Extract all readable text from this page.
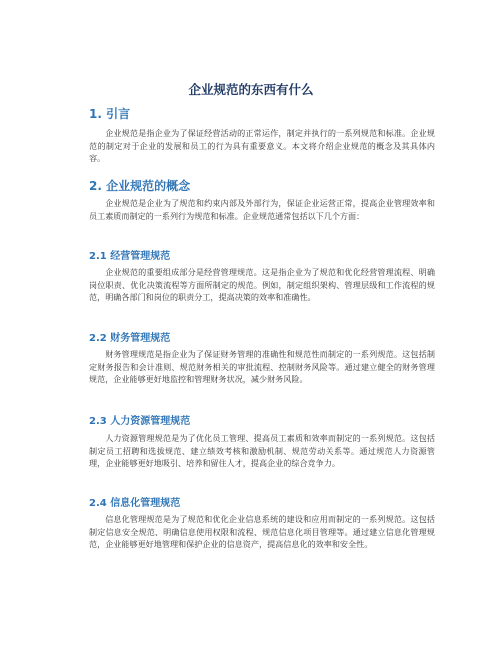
企业规范的东西有什么
1. 引言

企业规范是指企业为了保证经营活动的正常运作，制定并执行的一系列规范和标准。企业规范的制定对于企业的发展和员工的行为具有重要意义。本文将介绍企业规范的概念及其具体内容。

2. 企业规范的概念

企业规范是企业为了规范和约束内部及外部行为，保证企业运营正常，提高企业管理效率和员工素质而制定的一系列行为规范和标准。企业规范通常包括以下几个方面：

2.1 经营管理规范

企业规范的重要组成部分是经营管理规范。这是指企业为了规范和优化经营管理流程、明确岗位职责、优化决策流程等方面所制定的规范。例如，制定组织架构、管理层级和工作流程的规范，明确各部门和岗位的职责分工，提高决策的效率和准确性。

2.2 财务管理规范

财务管理规范是指企业为了保证财务管理的准确性和规范性而制定的一系列规范。这包括制定财务报告和会计准则、规范财务相关的审批流程、控制财务风险等。通过建立健全的财务管理规范，企业能够更好地监控和管理财务状况，减少财务风险。

2.3 人力资源管理规范

人力资源管理规范是为了优化员工管理、提高员工素质和效率而制定的一系列规范。这包括制定员工招聘和选拔规范、建立绩效考核和激励机制、规范劳动关系等。通过规范人力资源管理，企业能够更好地吸引、培养和留住人才，提高企业的综合竞争力。

2.4 信息化管理规范

信息化管理规范是为了规范和优化企业信息系统的建设和应用而制定的一系列规范。这包括制定信息安全规范、明确信息使用权限和流程、规范信息化项目管理等。通过建立信息化管理规范，企业能够更好地管理和保护企业的信息资产，提高信息化的效率和安全性。
